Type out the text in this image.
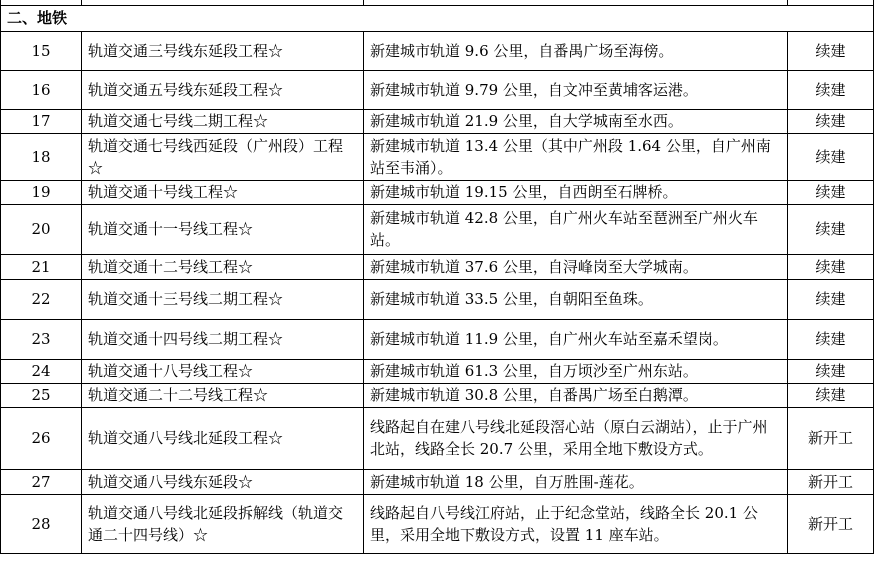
二、地铁			
15	轨道交通三号线东延段工程☆	新建城市轨道 9.6 公里，自番禺广场至海傍。	续建
16	轨道交通五号线东延段工程☆	新建城市轨道 9.79 公里，自文冲至黄埔客运港。	续建
17	轨道交通七号线二期工程☆	新建城市轨道 21.9 公里，自大学城南至水西。	续建
18	轨道交通七号线西延段（广州段）工程☆	新建城市轨道 13.4 公里（其中广州段 1.64 公里，自广州南站至韦涌）。	续建
19	轨道交通十号线工程☆	新建城市轨道 19.15 公里，自西朗至石牌桥。	续建
20	轨道交通十一号线工程☆	新建城市轨道 42.8 公里，自广州火车站至琶洲至广州火车站。	续建
21	轨道交通十二号线工程☆	新建城市轨道 37.6 公里，自浔峰岗至大学城南。	续建
22	轨道交通十三号线二期工程☆	新建城市轨道 33.5 公里，自朝阳至鱼珠。	续建
23	轨道交通十四号线二期工程☆	新建城市轨道 11.9 公里，自广州火车站至嘉禾望岗。	续建
24	轨道交通十八号线工程☆	新建城市轨道 61.3 公里，自万顷沙至广州东站。	续建
25	轨道交通二十二号线工程☆	新建城市轨道 30.8 公里，自番禺广场至白鹅潭。	续建
26	轨道交通八号线北延段工程☆	线路起自在建八号线北延段滘心站（原白云湖站），止于广州北站，线路全长 20.7 公里，采用全地下敷设方式。	新开工
27	轨道交通八号线东延段☆	新建城市轨道 18 公里，自万胜围-莲花。	新开工
28	轨道交通八号线北延段拆解线（轨道交通二十四号线）☆	线路起自八号线江府站，止于纪念堂站，线路全长 20.1 公里，采用全地下敷设方式，设置 11 座车站。	新开工
